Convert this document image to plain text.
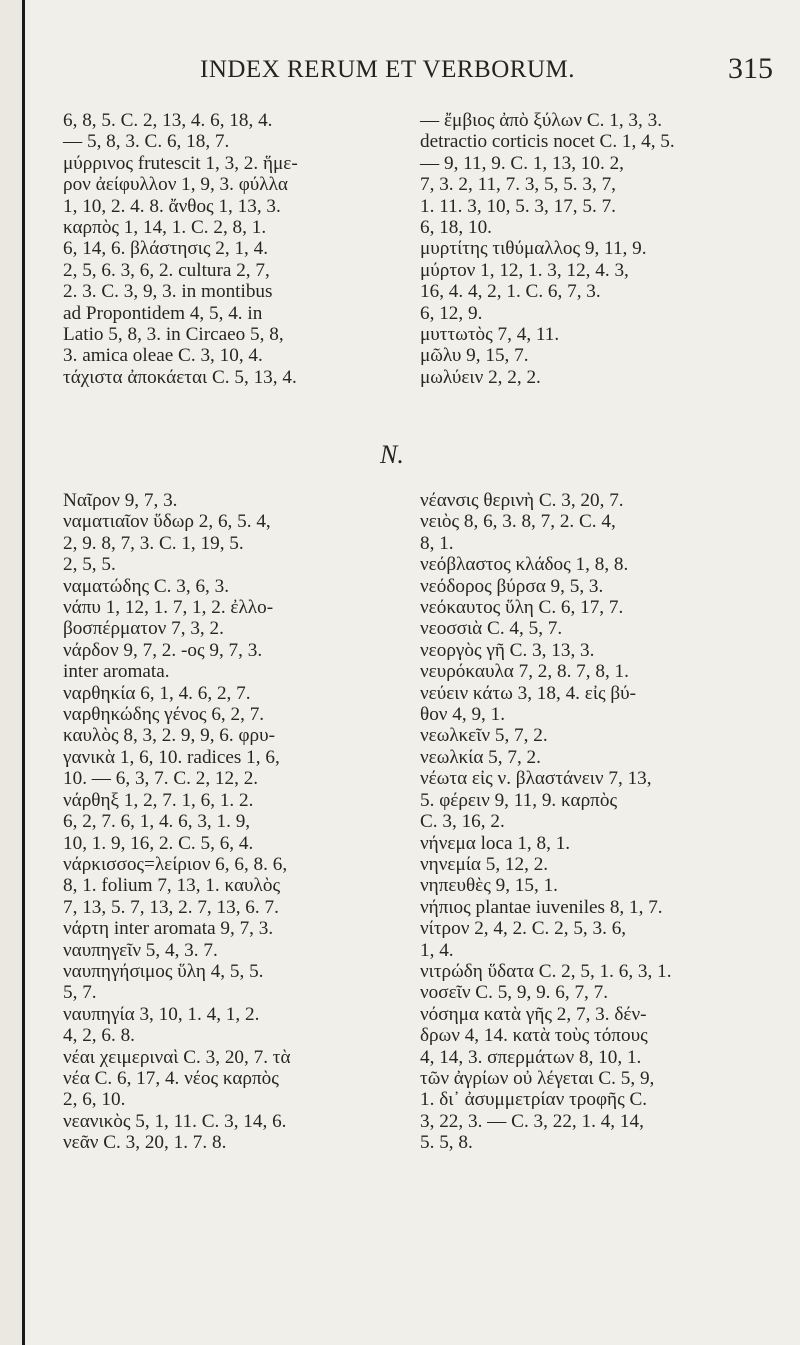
INDEX RERUM ET VERBORUM.	315

6, 8, 5. C. 2, 13, 4. 6, 18, 4.

— 5, 8, 3. C. 6, 18, 7.

μύρρινος frutescit 1, 3, 2. ἥμε-

ρον ἀείφυλλον 1, 9, 3. φύλλα

1, 10, 2. 4. 8. ἄνθος 1, 13, 3.

καρπὸς 1, 14, 1. C. 2, 8, 1.

6, 14, 6. βλάστησις 2, 1, 4.

2, 5, 6. 3, 6, 2. cultura 2, 7,

2. 3. C. 3, 9, 3. in montibus

ad Propontidem 4, 5, 4. in

Latio 5, 8, 3. in Circaeo 5, 8,

3. amica oleae C. 3, 10, 4.

τάχιστα ἀποκάεται C. 5, 13, 4.

— ἔμβιος ἀπὸ ξύλων C. 1, 3, 3.

detractio corticis nocet C. 1, 4, 5.

— 9, 11, 9. C. 1, 13, 10. 2,

7, 3. 2, 11, 7. 3, 5, 5. 3, 7,

1. 11. 3, 10, 5. 3, 17, 5. 7.

6, 18, 10.

μυρτίτης τιθύμαλλος 9, 11, 9.

μύρτον 1, 12, 1. 3, 12, 4. 3,

16, 4. 4, 2, 1. C. 6, 7, 3.

6, 12, 9.

μυττωτὸς 7, 4, 11.

μῶλυ 9, 15, 7.

μωλύειν 2, 2, 2.

N.

Ναῖρον 9, 7, 3.

ναματιαῖον ὕδωρ 2, 6, 5. 4,

2, 9. 8, 7, 3. C. 1, 19, 5.

2, 5, 5.

ναματώδης C. 3, 6, 3.

νάπυ 1, 12, 1. 7, 1, 2. ἐλλο-

βοσπέρματον 7, 3, 2.

νάρδον 9, 7, 2. -ος 9, 7, 3.

inter aromata.

ναρθηκία 6, 1, 4. 6, 2, 7.

ναρθηκώδης γένος 6, 2, 7.

καυλὸς 8, 3, 2. 9, 9, 6. φρυ-

γανικὰ 1, 6, 10. radices 1, 6,

10. — 6, 3, 7. C. 2, 12, 2.

νάρθηξ 1, 2, 7. 1, 6, 1. 2.

6, 2, 7. 6, 1, 4. 6, 3, 1. 9,

10, 1. 9, 16, 2. C. 5, 6, 4.

νάρκισσος=λείριον 6, 6, 8. 6,

8, 1. folium 7, 13, 1. καυλὸς

7, 13, 5. 7, 13, 2. 7, 13, 6. 7.

νάρτη inter aromata 9, 7, 3.

ναυπηγεῖν 5, 4, 3. 7.

ναυπηγήσιμος ὕλη 4, 5, 5.

5, 7.

ναυπηγία 3, 10, 1. 4, 1, 2.

4, 2, 6. 8.

νέαι χειμεριναὶ C. 3, 20, 7. τὰ

νέα C. 6, 17, 4. νέος καρπὸς

2, 6, 10.

νεανικὸς 5, 1, 11. C. 3, 14, 6.

νεᾶν C. 3, 20, 1. 7. 8.

νέανσις θερινὴ C. 3, 20, 7.

νειὸς 8, 6, 3. 8, 7, 2. C. 4,

8, 1.

νεόβλαστος κλάδος 1, 8, 8.

νεόδορος βύρσα 9, 5, 3.

νεόκαυτος ὕλη C. 6, 17, 7.

νεοσσιὰ C. 4, 5, 7.

νεοργὸς γῆ C. 3, 13, 3.

νευρόκαυλα 7, 2, 8. 7, 8, 1.

νεύειν κάτω 3, 18, 4. εἰς βύ-

θον 4, 9, 1.

νεωλκεῖν 5, 7, 2.

νεωλκία 5, 7, 2.

νέωτα εἰς ν. βλαστάνειν 7, 13,

5. φέρειν 9, 11, 9. καρπὸς

C. 3, 16, 2.

νήνεμα loca 1, 8, 1.

νηνεμία 5, 12, 2.

νηπευθὲς 9, 15, 1.

νήπιος plantae iuveniles 8, 1, 7.

νίτρον 2, 4, 2. C. 2, 5, 3. 6,

1, 4.

νιτρώδη ὕδατα C. 2, 5, 1. 6, 3, 1.

νοσεῖν C. 5, 9, 9. 6, 7, 7.

νόσημα κατὰ γῆς 2, 7, 3. δέν-

δρων 4, 14. κατὰ τοὺς τόπους

4, 14, 3. σπερμάτων 8, 10, 1.

τῶν ἀγρίων οὐ λέγεται C. 5, 9,

1. δι᾽ ἀσυμμετρίαν τροφῆς C.

3, 22, 3. — C. 3, 22, 1. 4, 14,

5. 5, 8.
